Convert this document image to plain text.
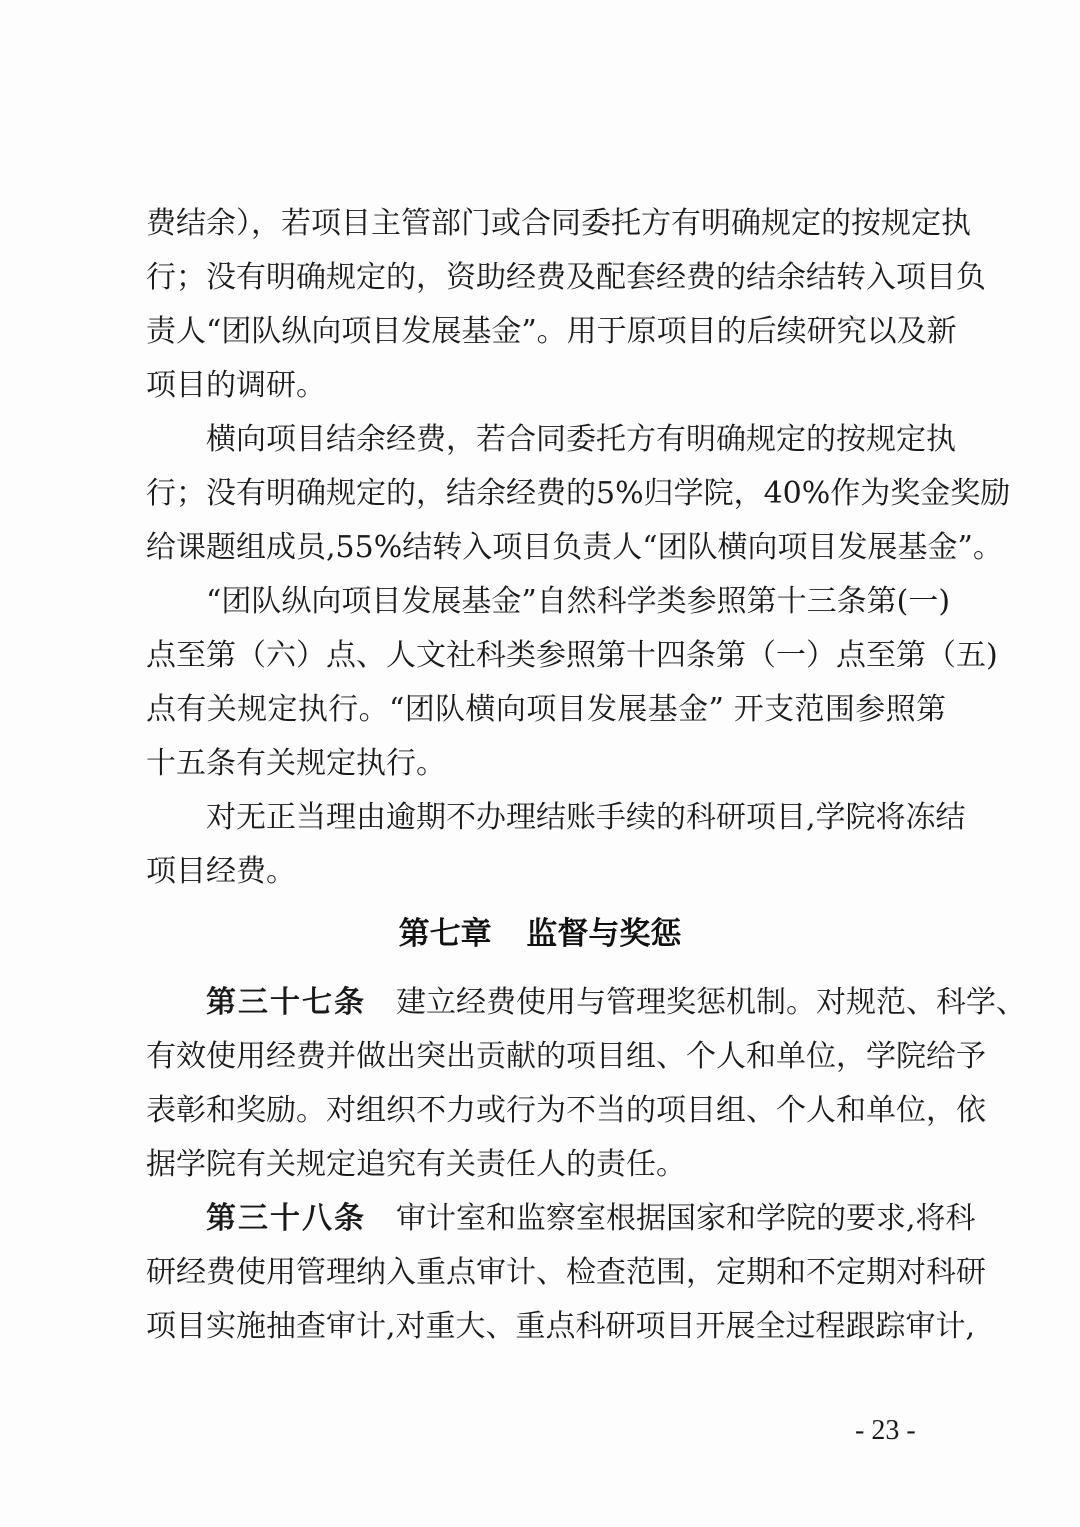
费结余），若项目主管部门或合同委托方有明确规定的按规定执
行；没有明确规定的，资助经费及配套经费的结余结转入项目负
责人“团队纵向项目发展基金”。用于原项目的后续研究以及新
项目的调研。
横向项目结余经费，若合同委托方有明确规定的按规定执
行；没有明确规定的，结余经费的5%归学院，40%作为奖金奖励
给课题组成员,55%结转入项目负责人“团队横向项目发展基金”。
“团队纵向项目发展基金”自然科学类参照第十三条第(一)
点至第（六）点、人文社科类参照第十四条第（一）点至第（五)
点有关规定执行。“团队横向项目发展基金” 开支范围参照第
十五条有关规定执行。
对无正当理由逾期不办理结账手续的科研项目,学院将冻结
项目经费。
第七章 监督与奖惩
第三十七条 建立经费使用与管理奖惩机制。对规范、科学、
有效使用经费并做出突出贡献的项目组、个人和单位，学院给予
表彰和奖励。对组织不力或行为不当的项目组、个人和单位，依
据学院有关规定追究有关责任人的责任。
第三十八条 审计室和监察室根据国家和学院的要求,将科
研经费使用管理纳入重点审计、检查范围，定期和不定期对科研
项目实施抽查审计,对重大、重点科研项目开展全过程跟踪审计,
- 23 -
